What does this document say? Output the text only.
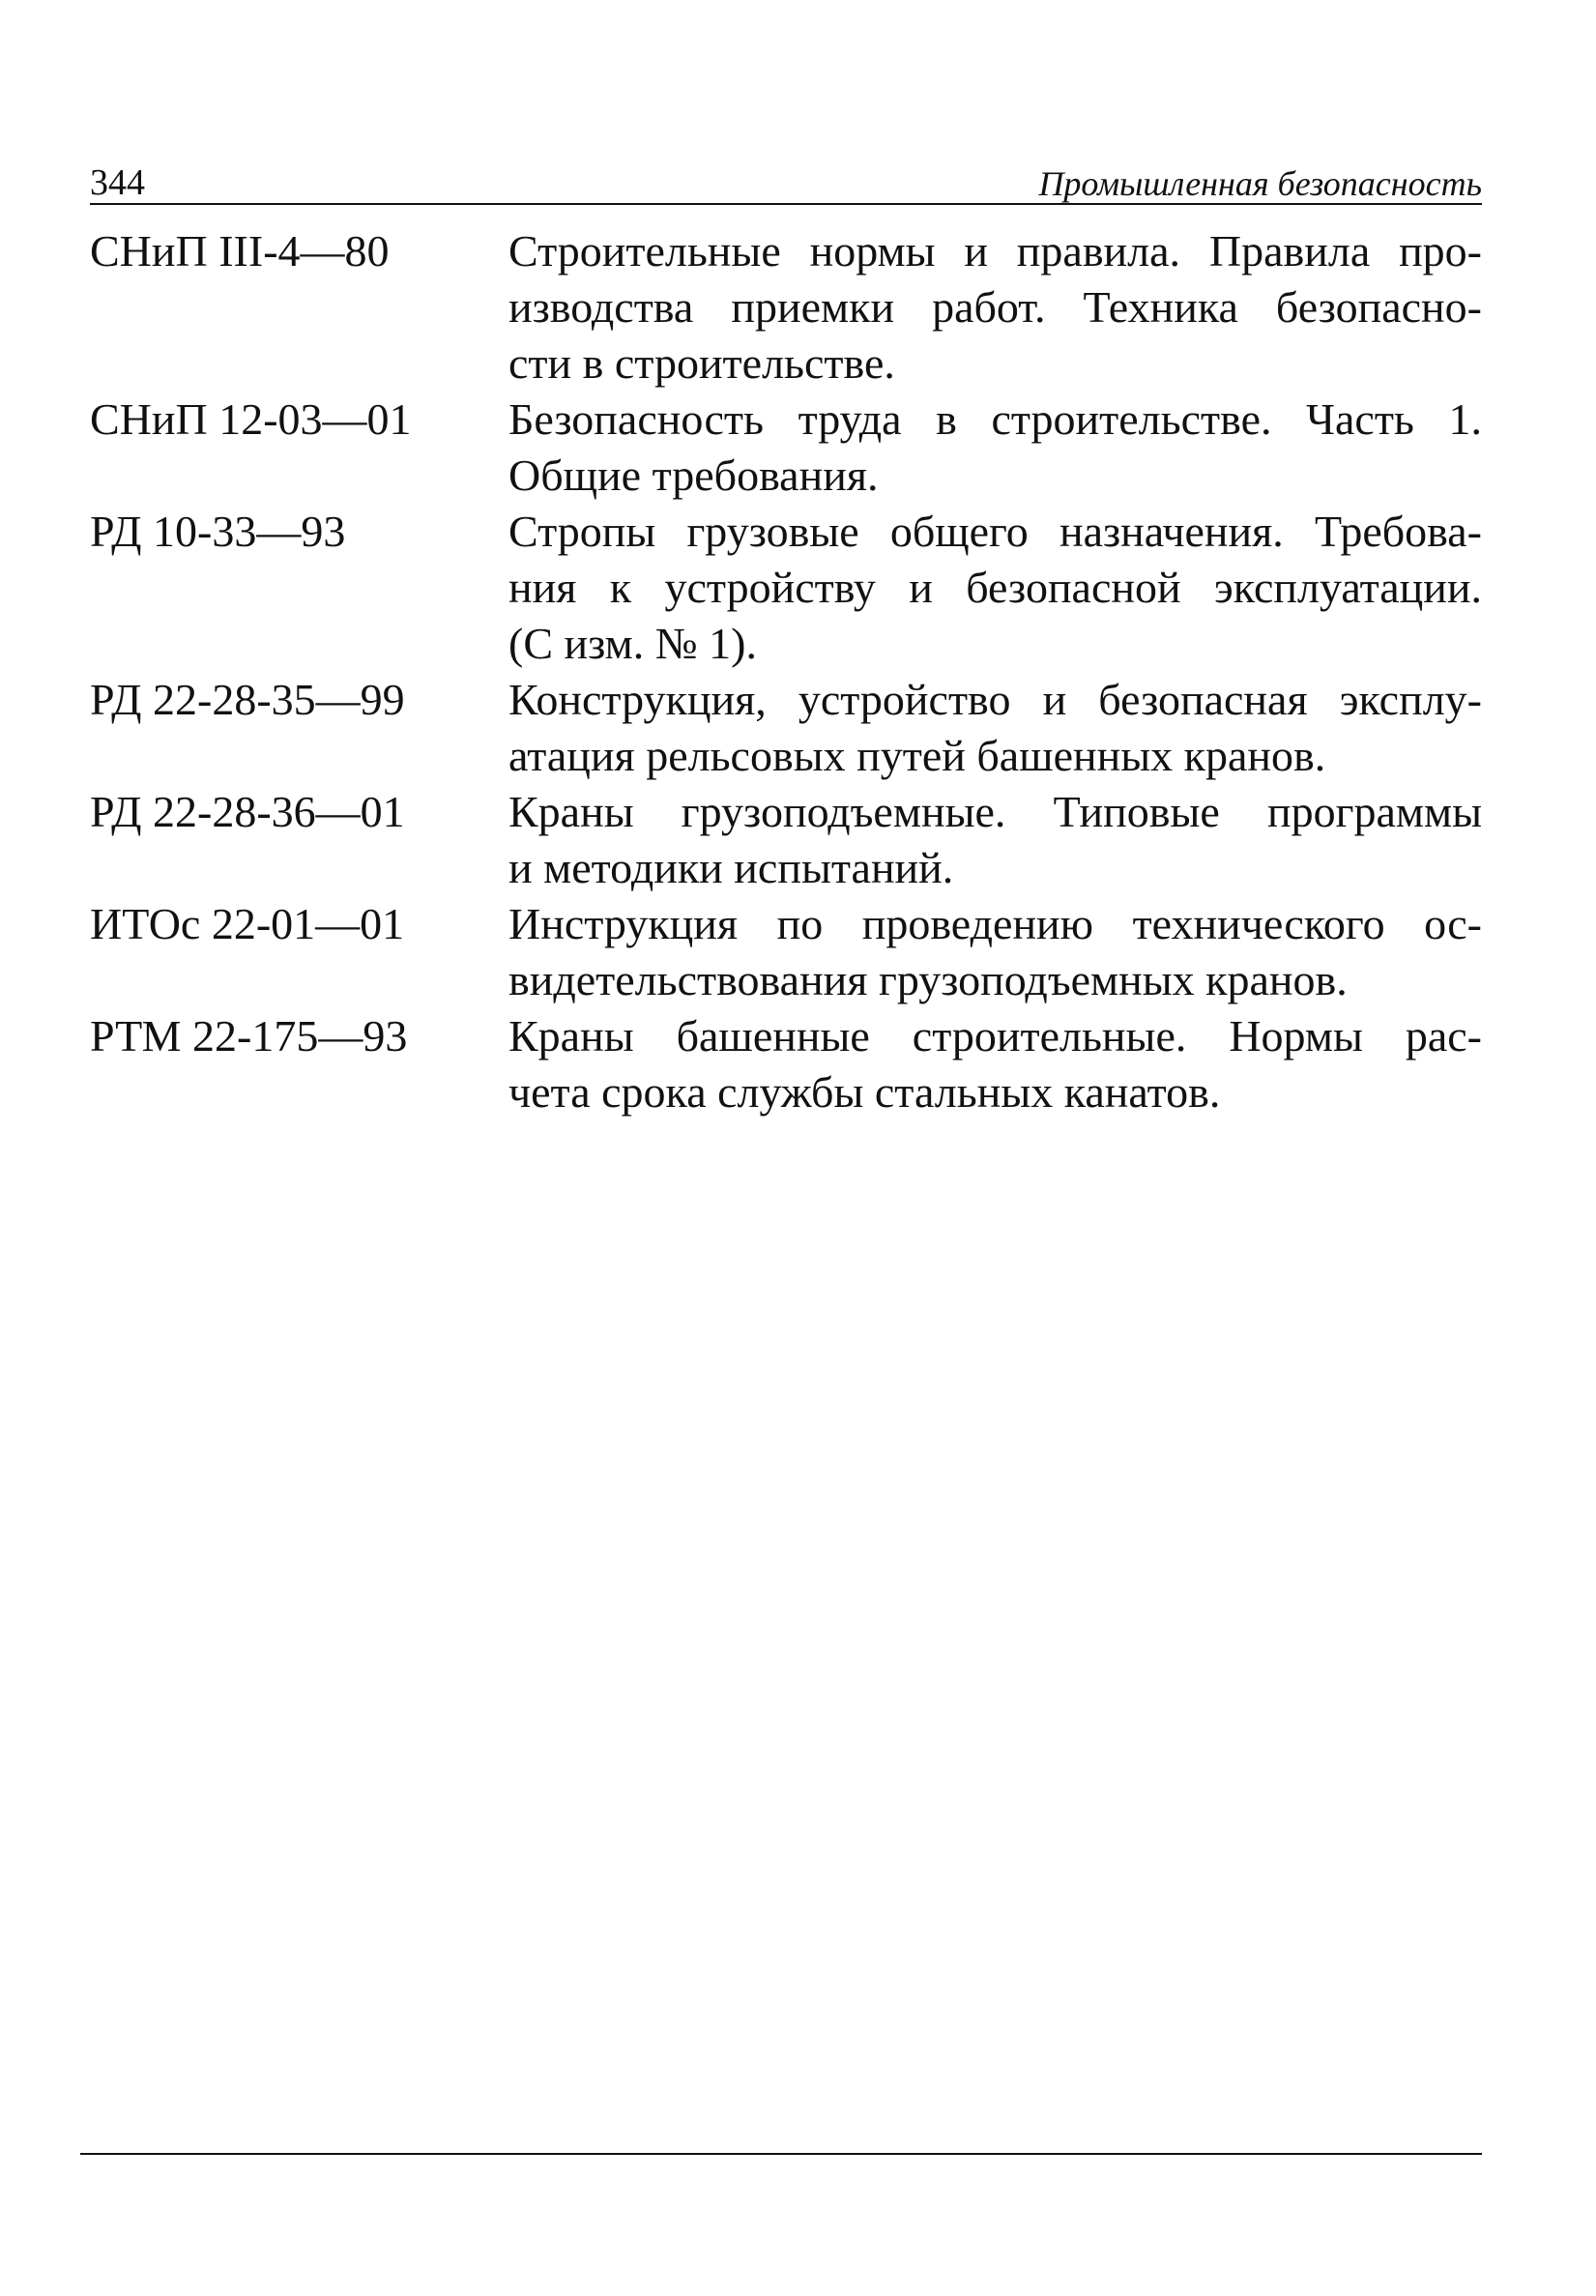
344	Промышленная безопасность
СНиП III-4—80	Строительные нормы и правила. Правила про-
изводства приемки работ. Техника безопасно-
сти в строительстве.
СНиП 12-03—01	Безопасность труда в строительстве. Часть 1.
Общие требования.
РД 10-33—93	Стропы грузовые общего назначения. Требова-
ния к устройству и безопасной эксплуатации.
(С изм. № 1).
РД 22-28-35—99	Конструкция, устройство и безопасная эксплу-
атация рельсовых путей башенных кранов.
РД 22-28-36—01	Краны грузоподъемные. Типовые программы
и методики испытаний.
ИТОс 22-01—01	Инструкция по проведению технического ос-
видетельствования грузоподъемных кранов.
РТМ 22-175—93	Краны башенные строительные. Нормы рас-
чета срока службы стальных канатов.
